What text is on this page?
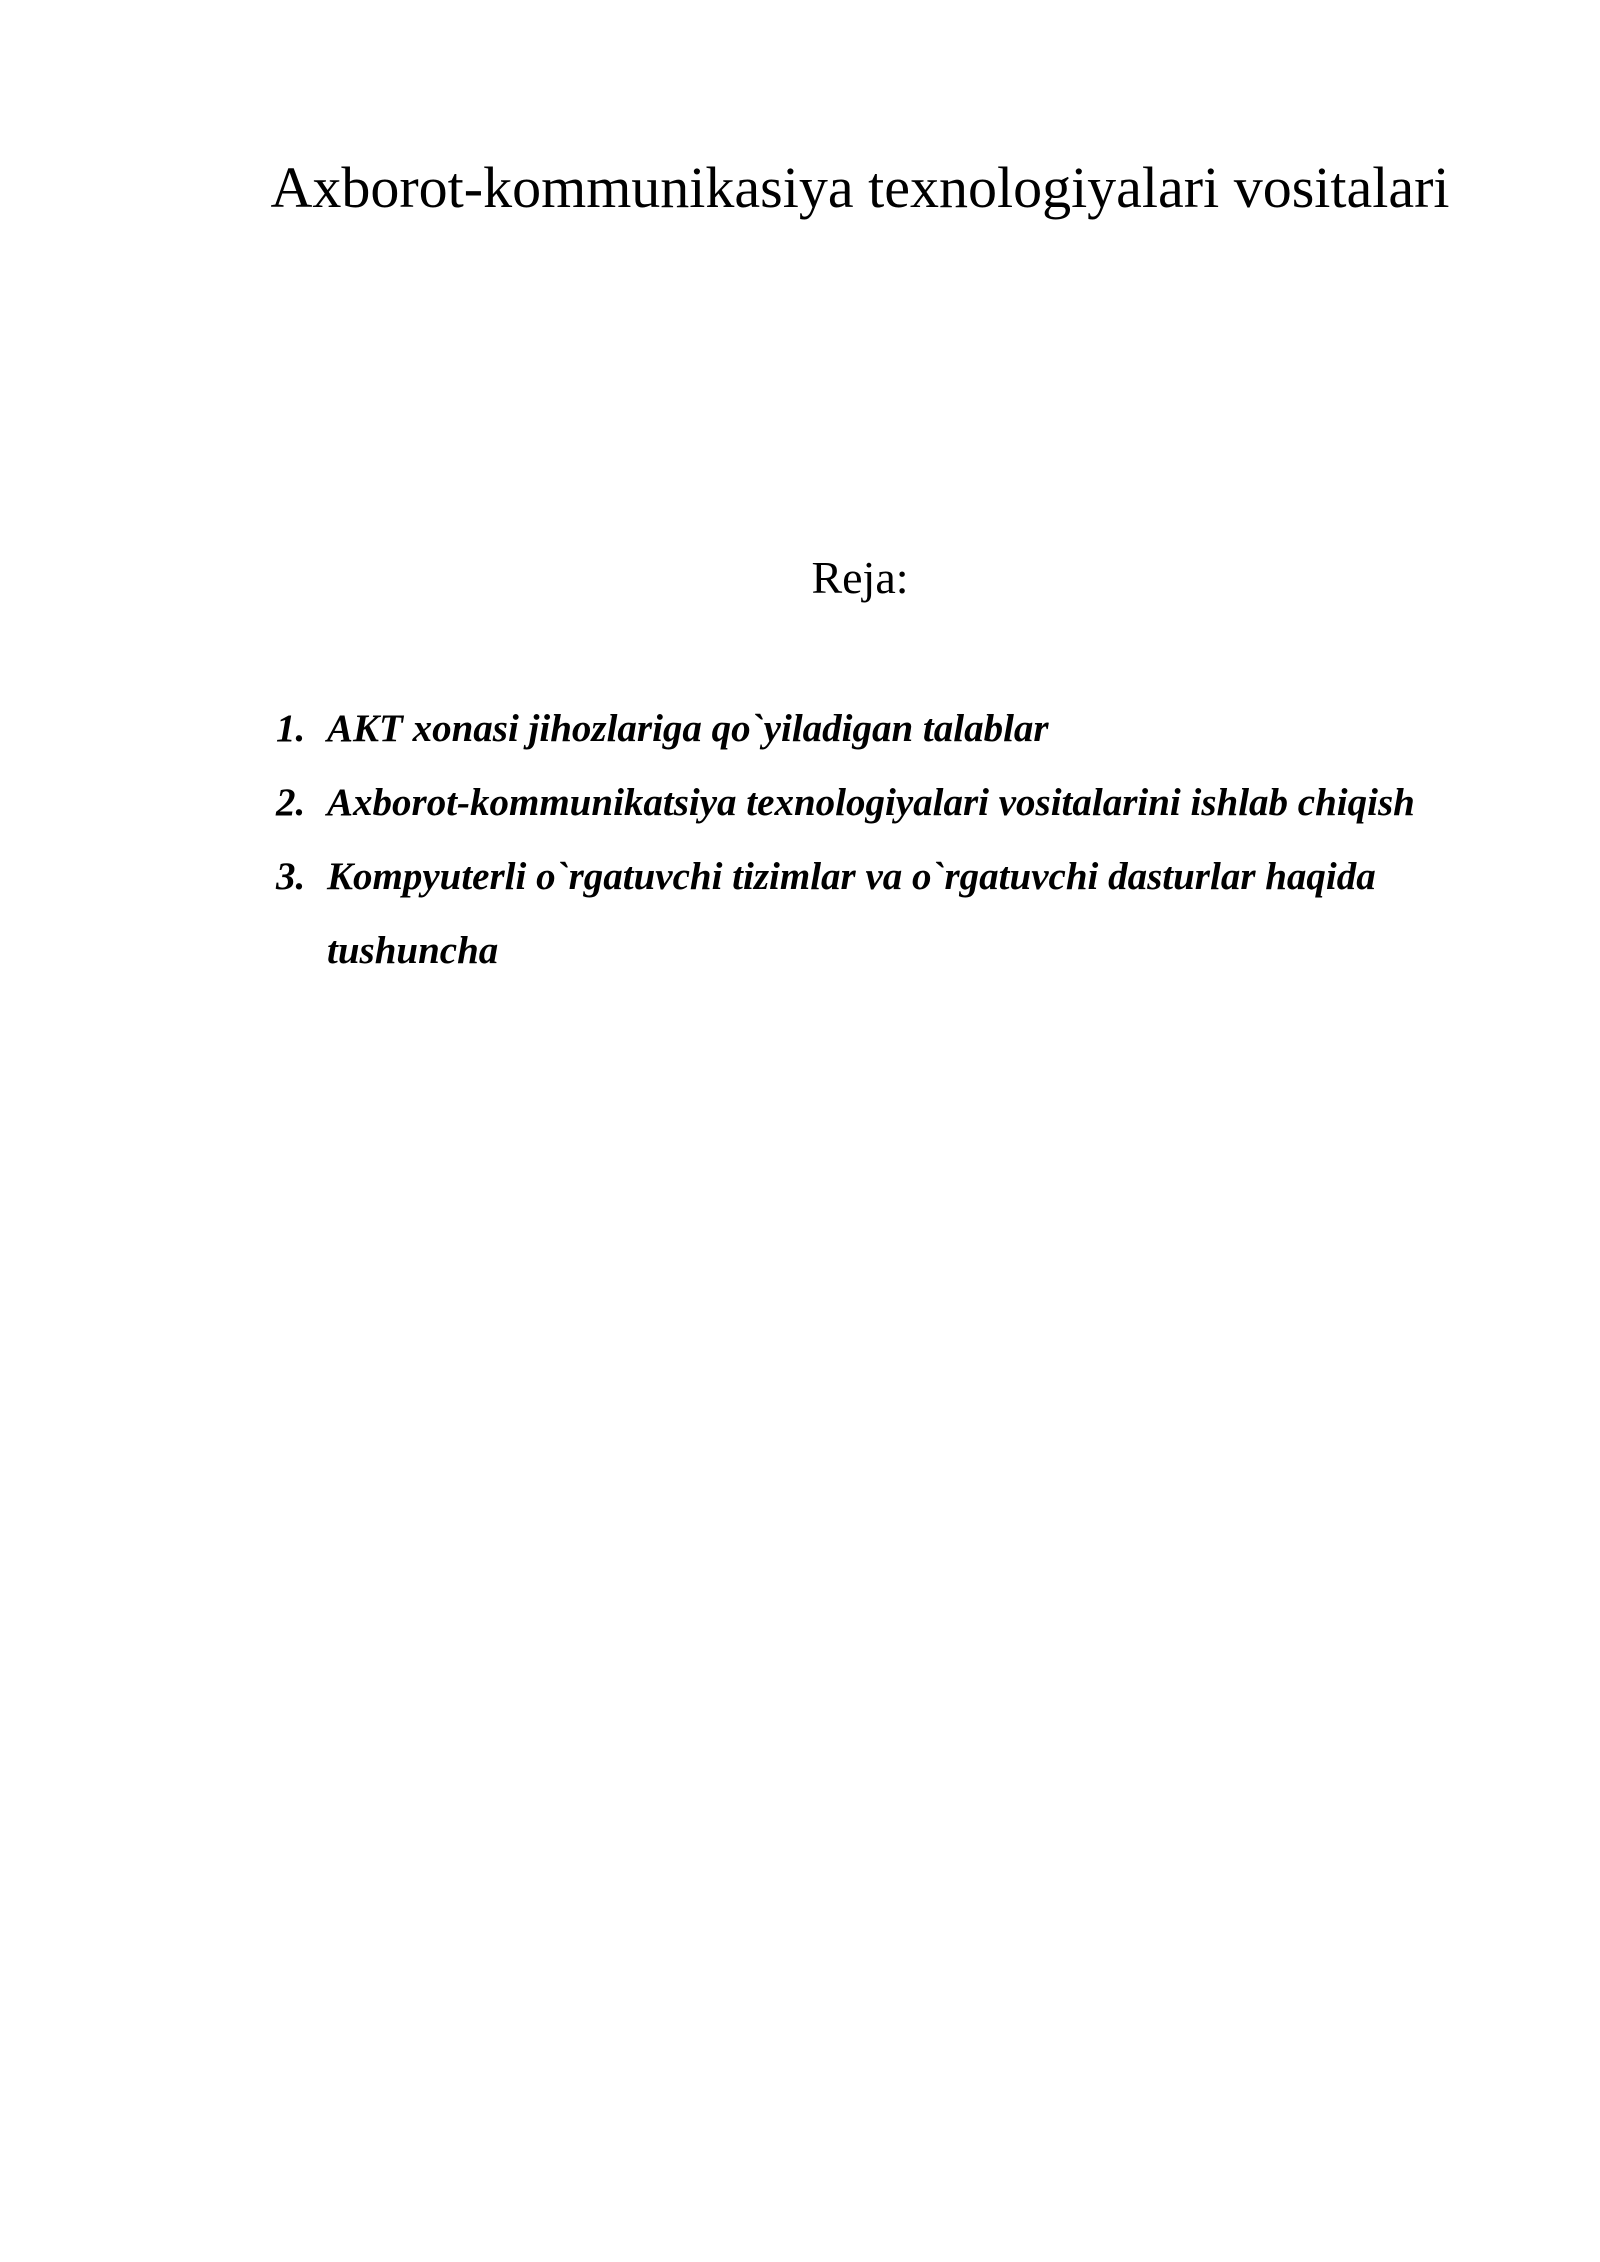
Axborot-kommunikasiya texnologiyalari vositalari
Reja:
1. AKT xonasi jihozlariga qo`yiladigan talablar
2. Axborot-kommunikatsiya texnologiyalari vositalarini ishlab chiqish
3. Kompyuterli o`rgatuvchi tizimlar va o`rgatuvchi dasturlar haqida tushuncha
